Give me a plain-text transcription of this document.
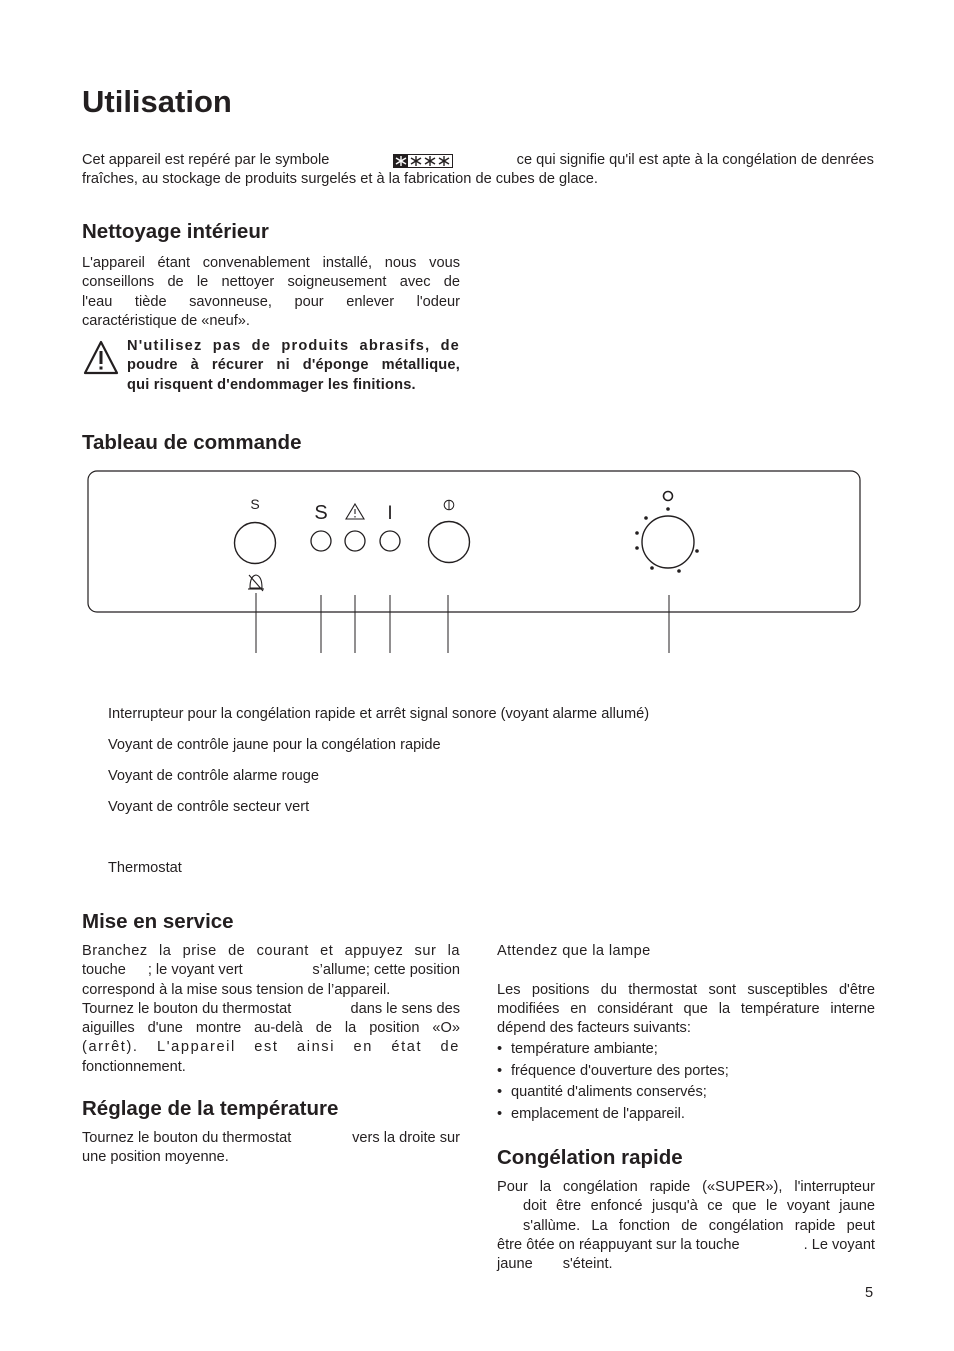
Utilisation
Cet appareil est repéré par le symbole	ce qui signifie qu'il est apte à la congélation de denrées
fraîches, au stockage de produits surgelés et à la fabrication de cubes de glace.
Nettoyage intérieur
L'appareil étant convenablement installé, nous vous
conseillons de le nettoyer soigneusement avec de
l'eau tiède savonneuse, pour enlever l'odeur
caractéristique de «neuf».
N'utilisez pas de produits abrasifs, de
poudre à récurer ni d'éponge métallique,
qui risquent d'endommager les finitions.
Tableau de commande
S	S	I
Interrupteur pour la congélation rapide et arrêt signal sonore (voyant alarme allumé)
Voyant de contrôle jaune pour la congélation rapide
Voyant de contrôle alarme rouge
Voyant de contrôle secteur vert
Thermostat
Mise en service
Branchez la prise de courant et appuyez sur la
touche ; le voyant vert	s’allume; cette position
correspond à la mise sous tension de l’appareil.
Tournez le bouton du thermostat	dans le sens des
aiguilles d'une montre au-delà de la position «O»
(arrêt). L'appareil est ainsi en état de
fonctionnement.
Réglage de la température
Tournez le bouton du thermostat	vers la droite sur
une position moyenne.
Attendez que la lampe
Les positions du thermostat sont susceptibles d'être
modifiées en considérant que la température interne
dépend des facteurs suivants:
• température ambiante;
• fréquence d'ouverture des portes;
• quantité d'aliments conservés;
• emplacement de l'appareil.
Congélation rapide
Pour la congélation rapide («SUPER»), l'interrupteur
doit être enfoncé jusqu'à ce que le voyant jaune
s'allùme. La fonction de congélation rapide peut
être ôtée on réappuyant sur la touche	. Le voyant
jaune s'éteint.
5
